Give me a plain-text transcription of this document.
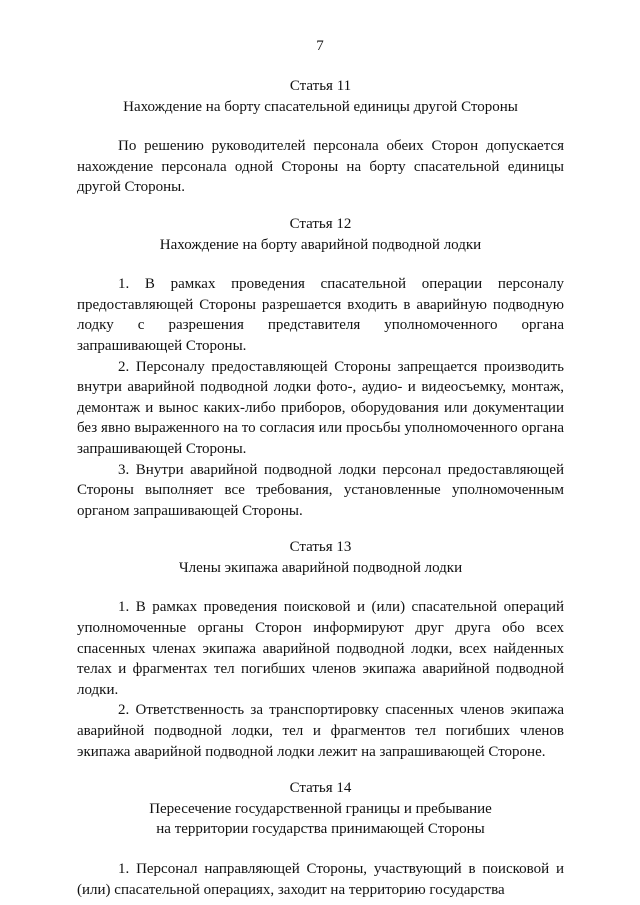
7

Статья 11

Нахождение на борту спасательной единицы другой Стороны

По решению руководителей персонала обеих Сторон допускается нахождение персонала одной Стороны на борту спасательной единицы другой Стороны.

Статья 12

Нахождение на борту аварийной подводной лодки

1. В рамках проведения спасательной операции персоналу предоставляющей Стороны разрешается входить в аварийную подводную лодку с разрешения представителя уполномоченного органа запрашивающей Стороны.

2. Персоналу предоставляющей Стороны запрещается производить внутри аварийной подводной лодки фото-, аудио- и видеосъемку, монтаж, демонтаж и вынос каких-либо приборов, оборудования или документации без явно выраженного на то согласия или просьбы уполномоченного органа запрашивающей Стороны.

3. Внутри аварийной подводной лодки персонал предоставляющей Стороны выполняет все требования, установленные уполномоченным органом запрашивающей Стороны.

Статья 13

Члены экипажа аварийной подводной лодки

1. В рамках проведения поисковой и (или) спасательной операций уполномоченные органы Сторон информируют друг друга обо всех спасенных членах экипажа аварийной подводной лодки, всех найденных телах и фрагментах тел погибших членов экипажа аварийной подводной лодки.

2. Ответственность за транспортировку спасенных членов экипажа аварийной подводной лодки, тел и фрагментов тел погибших членов экипажа аварийной подводной лодки лежит на запрашивающей Стороне.

Статья 14

Пересечение государственной границы и пребывание

на территории государства принимающей Стороны

1. Персонал направляющей Стороны, участвующий в поисковой и (или) спасательной операциях, заходит на территорию государства
